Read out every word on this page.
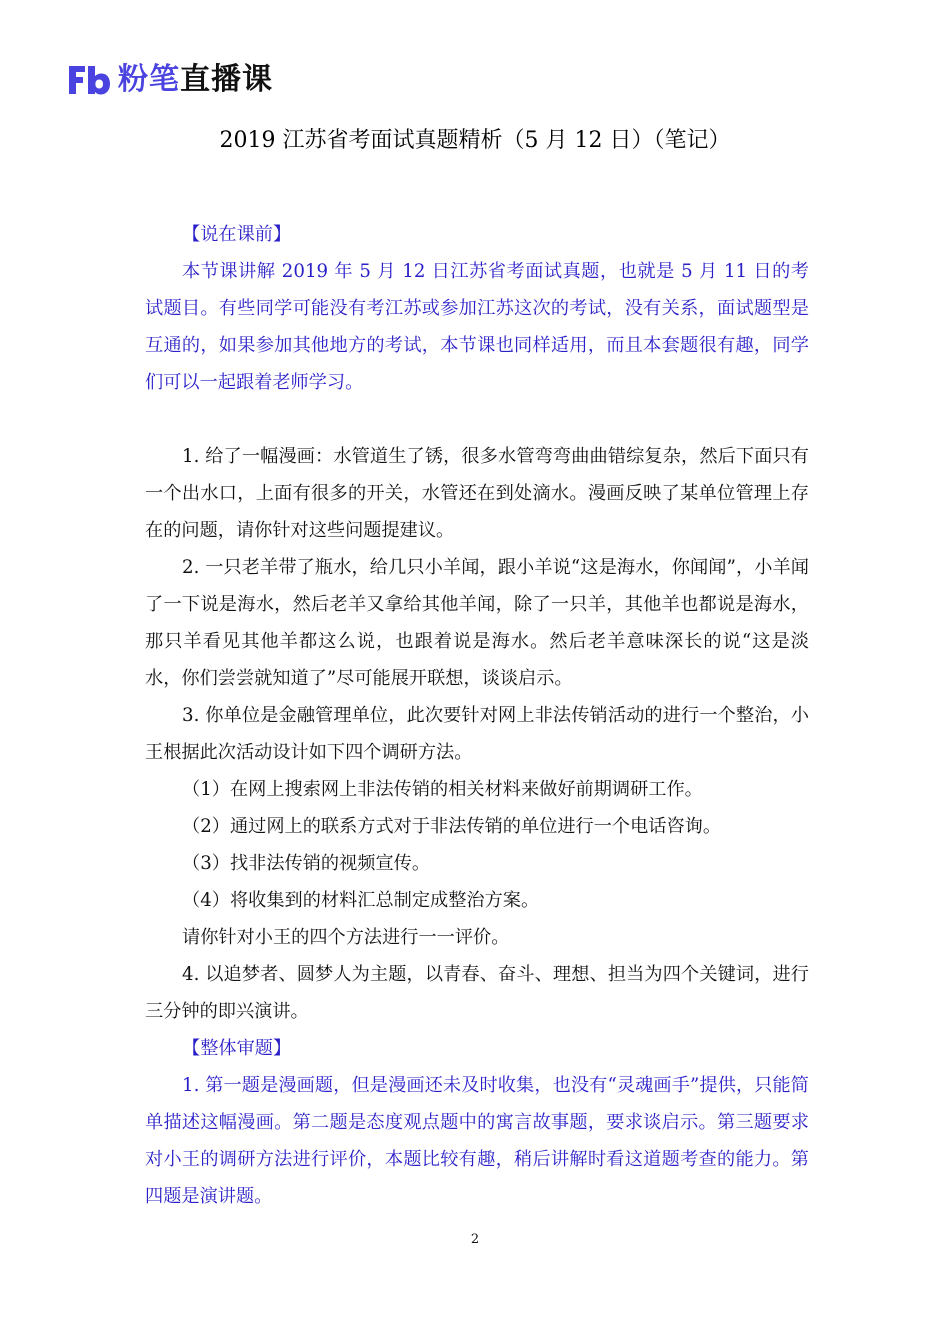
粉笔直播课
2019 江苏省考面试真题精析（5 月 12 日）（笔记）

【说在课前】

本节课讲解 2019 年 5 月 12 日江苏省考面试真题，也就是 5 月 11 日的考试题目。有些同学可能没有考江苏或参加江苏这次的考试，没有关系，面试题型是互通的，如果参加其他地方的考试，本节课也同样适用，而且本套题很有趣，同学们可以一起跟着老师学习。

1. 给了一幅漫画：水管道生了锈，很多水管弯弯曲曲错综复杂，然后下面只有一个出水口，上面有很多的开关，水管还在到处滴水。漫画反映了某单位管理上存在的问题，请你针对这些问题提建议。

2. 一只老羊带了瓶水，给几只小羊闻，跟小羊说“这是海水，你闻闻”，小羊闻了一下说是海水，然后老羊又拿给其他羊闻，除了一只羊，其他羊也都说是海水，那只羊看见其他羊都这么说，也跟着说是海水。然后老羊意味深长的说“这是淡水，你们尝尝就知道了”尽可能展开联想，谈谈启示。

3. 你单位是金融管理单位，此次要针对网上非法传销活动的进行一个整治，小王根据此次活动设计如下四个调研方法。

（1）在网上搜索网上非法传销的相关材料来做好前期调研工作。

（2）通过网上的联系方式对于非法传销的单位进行一个电话咨询。

（3）找非法传销的视频宣传。

（4）将收集到的材料汇总制定成整治方案。

请你针对小王的四个方法进行一一评价。

4. 以追梦者、圆梦人为主题，以青春、奋斗、理想、担当为四个关键词，进行三分钟的即兴演讲。

【整体审题】

1. 第一题是漫画题，但是漫画还未及时收集，也没有“灵魂画手”提供，只能简单描述这幅漫画。第二题是态度观点题中的寓言故事题，要求谈启示。第三题要求对小王的调研方法进行评价，本题比较有趣，稍后讲解时看这道题考查的能力。第四题是演讲题。

2
